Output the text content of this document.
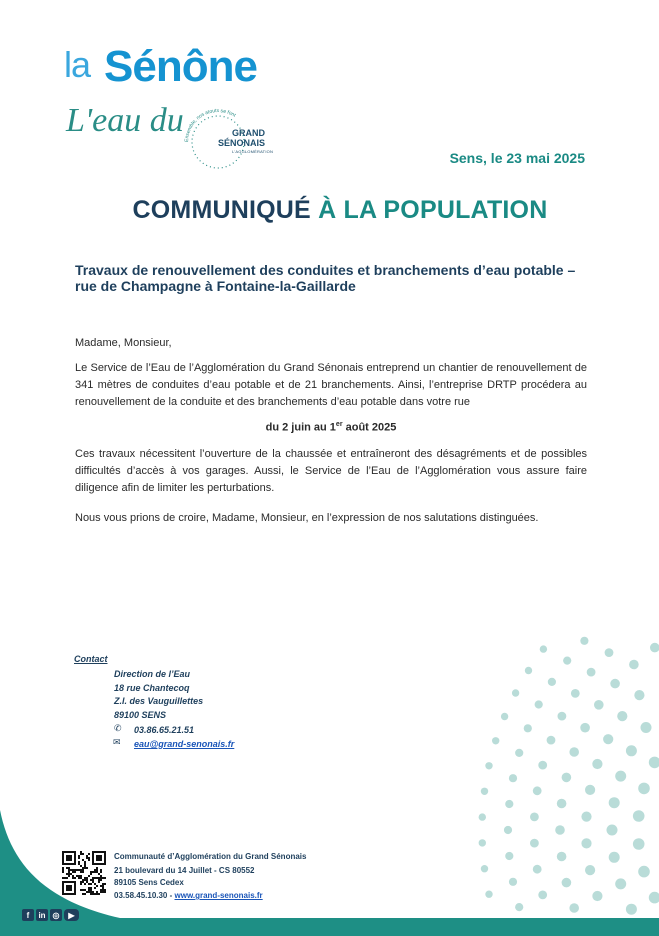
la Sénône
L'eau du
Ensemble, nos atouts se font
GRAND
SÉNONAIS
L'AGGLOMÉRATION	Sens, le 23 mai 2025
COMMUNIQUÉ À LA POPULATION
Travaux de renouvellement des conduites et branchements d’eau potable – rue de Champagne à Fontaine-la-Gaillarde
Madame, Monsieur,
Le Service de l’Eau de l’Agglomération du Grand Sénonais entreprend un chantier de renouvellement de 341 mètres de conduites d’eau potable et de 21 branchements. Ainsi, l’entreprise DRTP procédera au renouvellement de la conduite et des branchements d’eau potable dans votre rue
du 2 juin au 1er août 2025
Ces travaux nécessitent l’ouverture de la chaussée et entraîneront des désagréments et de possibles difficultés d’accès à vos garages. Aussi, le Service de l’Eau de l’Agglomération vous assure faire diligence afin de limiter les perturbations.
Nous vous prions de croire, Madame, Monsieur, en l’expression de nos salutations distinguées.
Contact
Direction de l’Eau
18 rue Chantecoq
Z.I. des Vauguillettes
89100 SENS
✆ 03.86.65.21.51
✉ eau@grand-senonais.fr
Communauté d’Agglomération du Grand Sénonais
21 boulevard du 14 Juillet - CS 80552
89105 Sens Cedex
03.58.45.10.30 - www.grand-senonais.fr
f	in ◎	▶
